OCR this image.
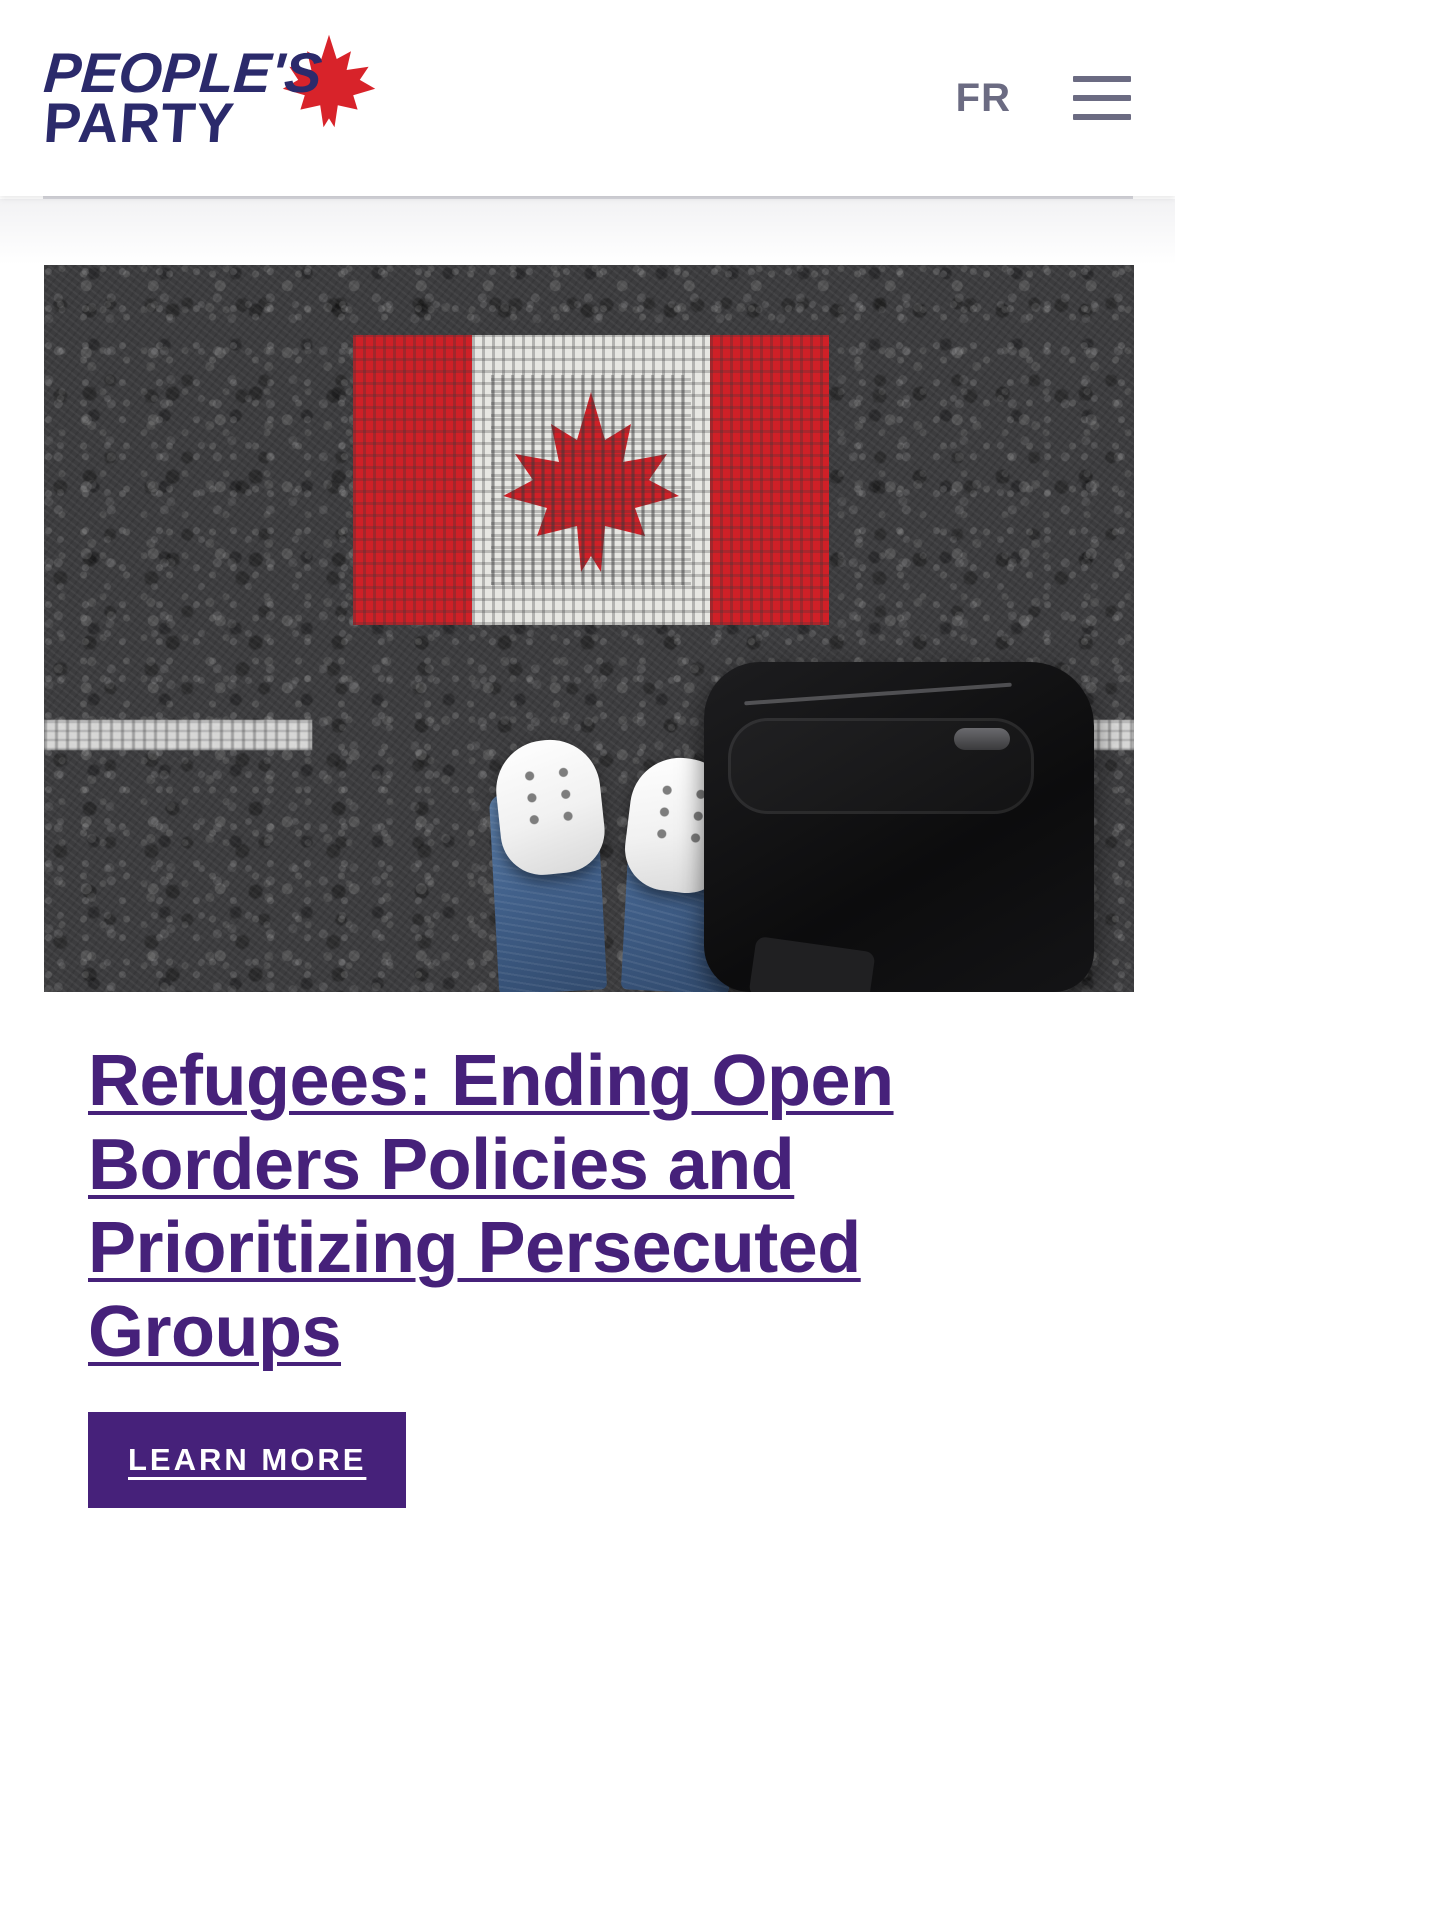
PEOPLE'S
PARTY	FR
Refugees: Ending Open Borders Policies and Prioritizing Persecuted Groups
LEARN MORE
